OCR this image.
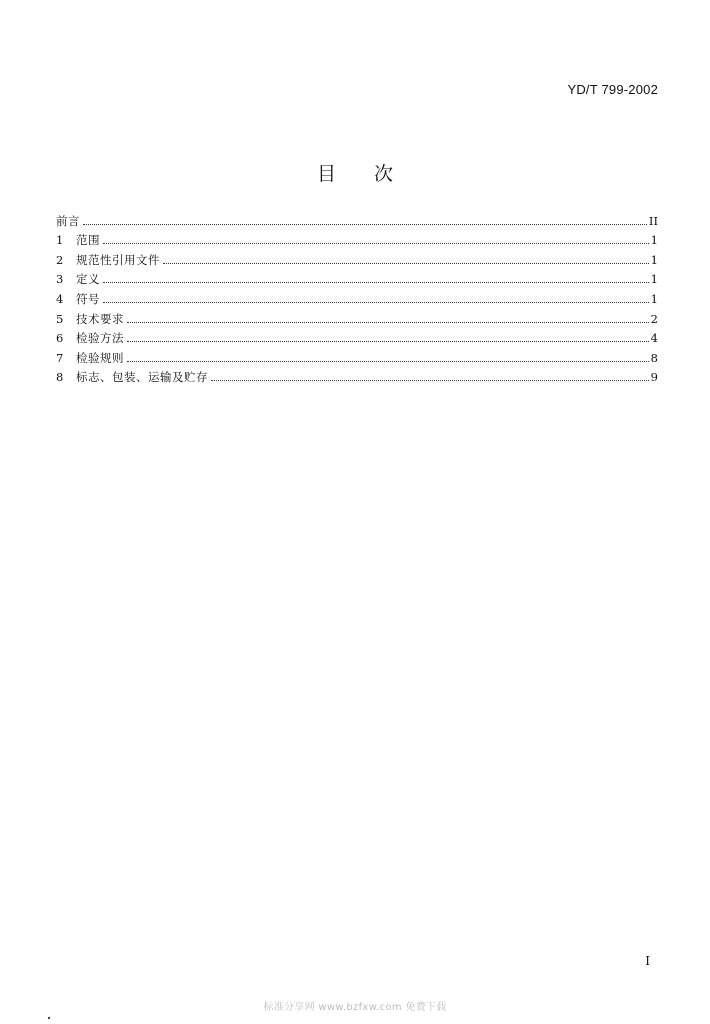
YD/T 799-2002
目次
前言	II
1	范围	1
2	规范性引用文件	1
3	定义	1
4	符号	1
5	技术要求	2
6	检验方法	4
7	检验规则	8
8	标志、包装、运输及贮存	9
I
标准分享网 www.bzfxw.com 免费下载
